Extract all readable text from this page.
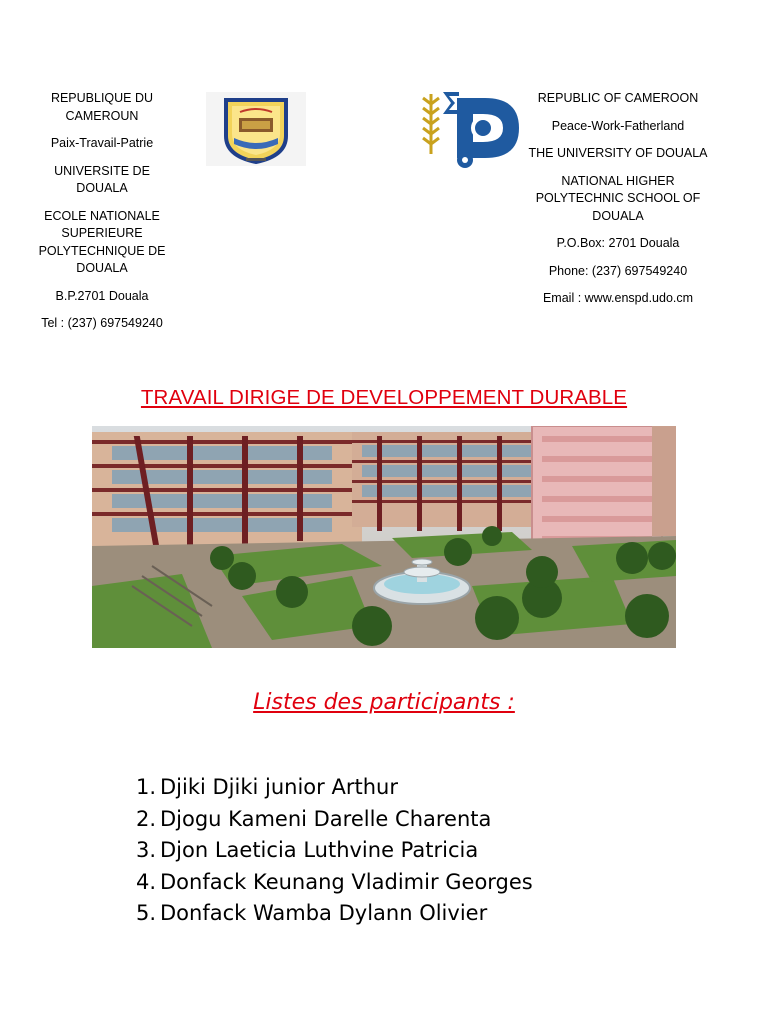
REPUBLIQUE DU CAMEROUN

Paix-Travail-Patrie

UNIVERSITE DE DOUALA

ECOLE NATIONALE SUPERIEURE POLYTECHNIQUE DE DOUALA

B.P.2701 Douala

Tel : (237) 697549240

REPUBLIC OF CAMEROON

Peace-Work-Fatherland

THE UNIVERSITY OF DOUALA

NATIONAL HIGHER POLYTECHNIC SCHOOL OF DOUALA

P.O.Box: 2701 Douala

Phone: (237) 697549240

Email : www.enspd.udo.cm

TRAVAIL DIRIGE DE DEVELOPPEMENT DURABLE
Listes des participants :
1. Djiki Djiki junior Arthur
2. Djogu Kameni Darelle Charenta
3. Djon Laeticia Luthvine Patricia
4. Donfack Keunang Vladimir Georges
5. Donfack Wamba Dylann Olivier
